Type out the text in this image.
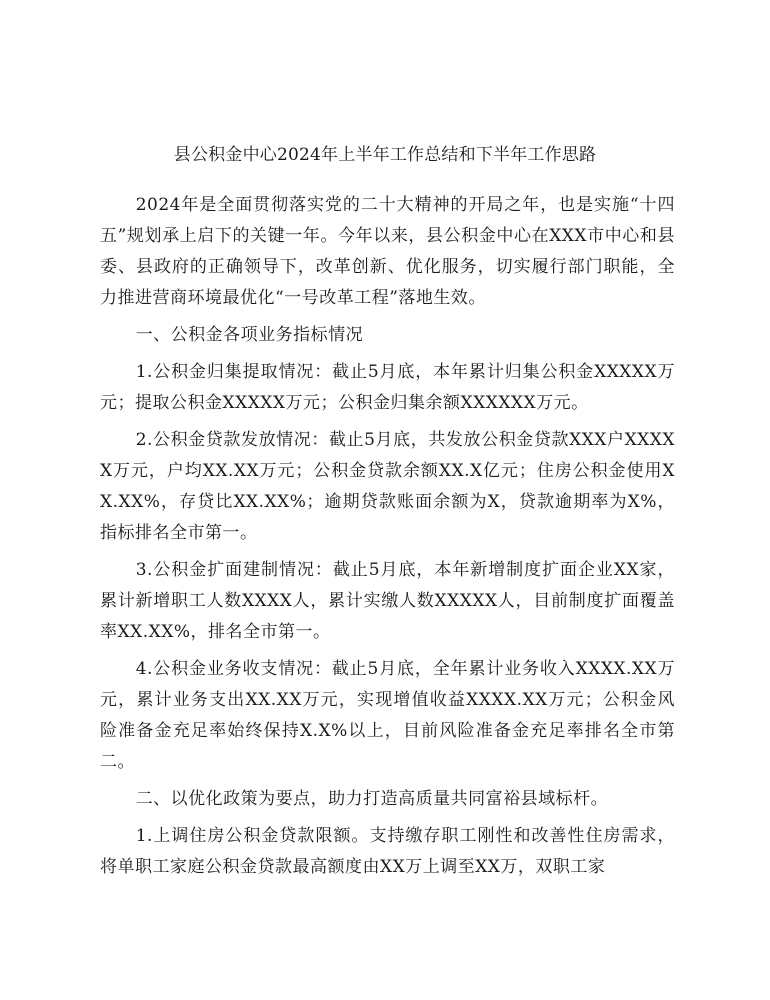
县公积金中心2024年上半年工作总结和下半年工作思路

2024年是全面贯彻落实党的二十大精神的开局之年，也是实施“十四五”规划承上启下的关键一年。今年以来，县公积金中心在XXX市中心和县委、县政府的正确领导下，改革创新、优化服务，切实履行部门职能，全力推进营商环境最优化“一号改革工程”落地生效。

一、公积金各项业务指标情况

1.公积金归集提取情况：截止5月底，本年累计归集公积金XXXXX万元；提取公积金XXXXX万元；公积金归集余额XXXXXX万元。

2.公积金贷款发放情况：截止5月底，共发放公积金贷款XXX户XXXXX万元，户均XX.XX万元；公积金贷款余额XX.X亿元；住房公积金使用XX.XX%，存贷比XX.XX%；逾期贷款账面余额为X，贷款逾期率为X%，指标排名全市第一。

3.公积金扩面建制情况：截止5月底，本年新增制度扩面企业XX家，累计新增职工人数XXXX人，累计实缴人数XXXXX人，目前制度扩面覆盖率XX.XX%，排名全市第一。

4.公积金业务收支情况：截止5月底，全年累计业务收入XXXX.XX万元，累计业务支出XX.XX万元，实现增值收益XXXX.XX万元；公积金风险准备金充足率始终保持X.X%以上，目前风险准备金充足率排名全市第二。

二、以优化政策为要点，助力打造高质量共同富裕县域标杆。

1.上调住房公积金贷款限额。支持缴存职工刚性和改善性住房需求，将单职工家庭公积金贷款最高额度由XX万上调至XX万，双职工家
